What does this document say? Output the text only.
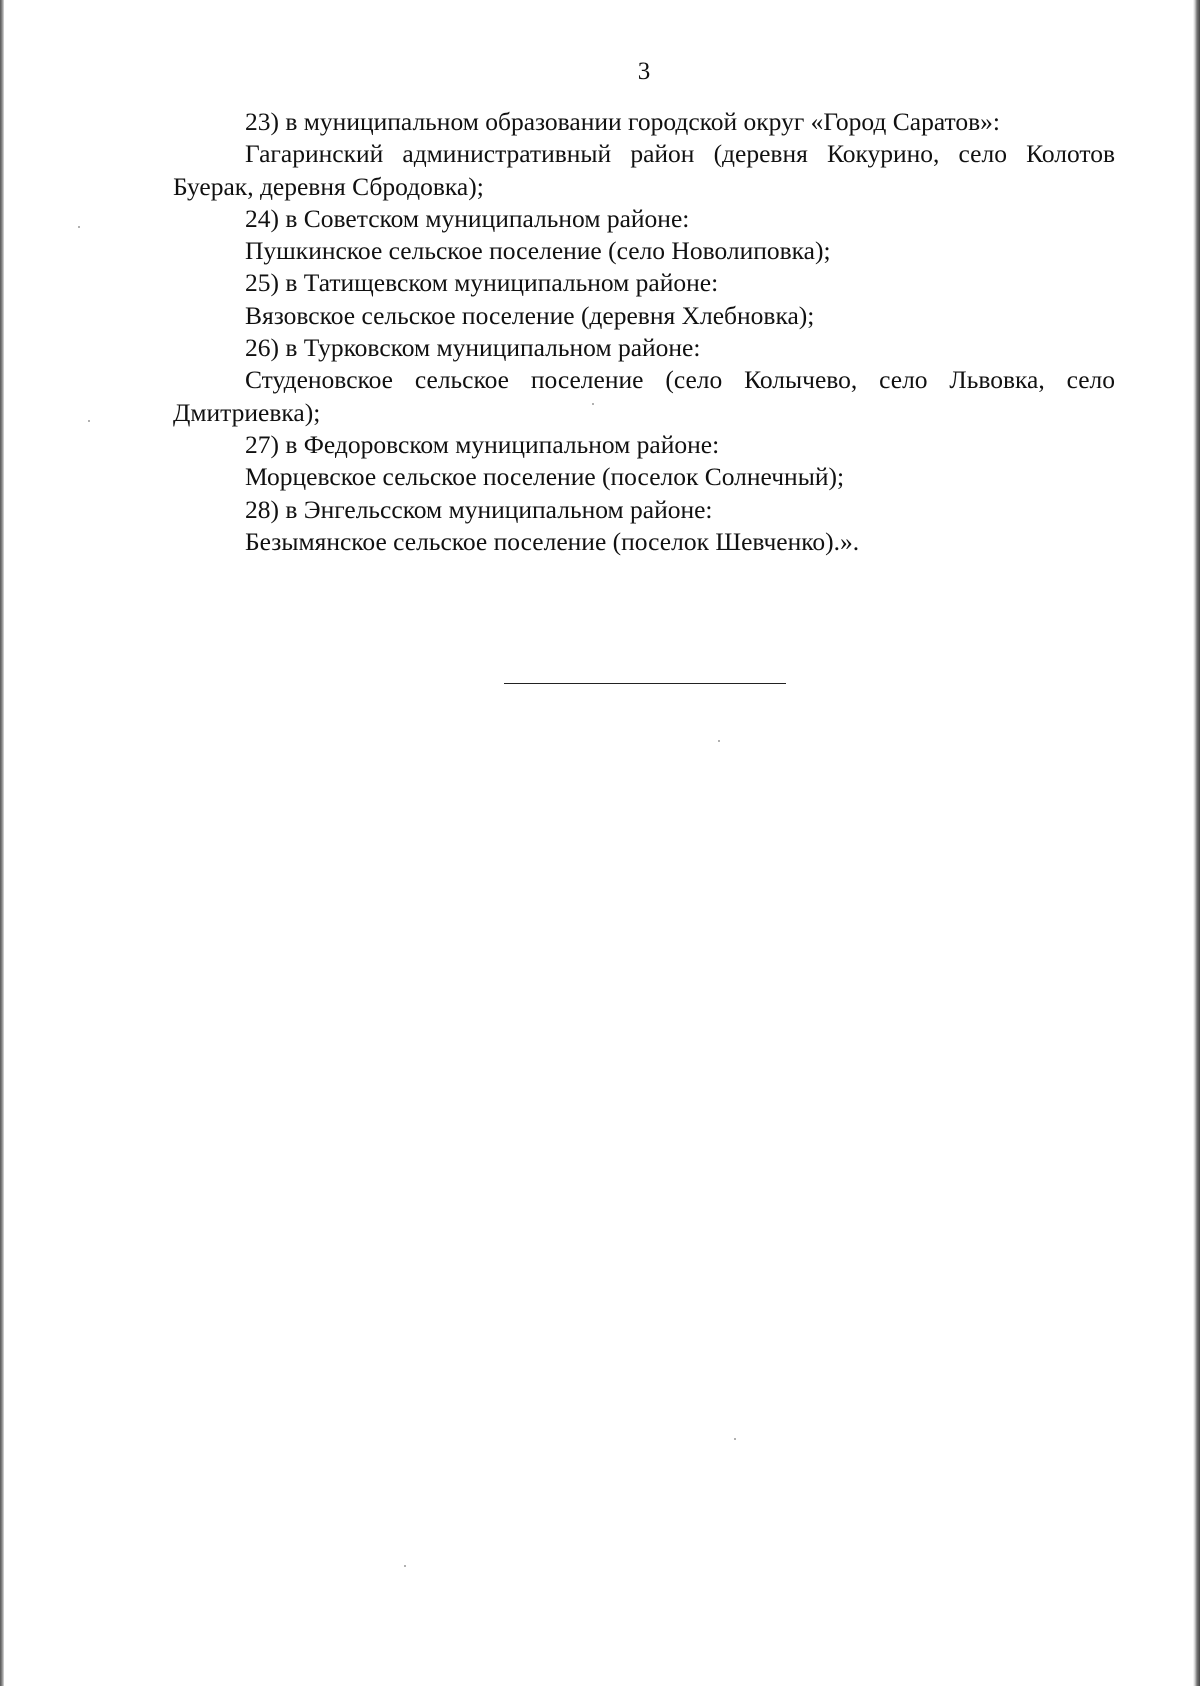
3

23) в муниципальном образовании городской округ «Город Саратов»:

Гагаринский административный район (деревня Кокурино, село Колотов Буерак, деревня Сбродовка);

24) в Советском муниципальном районе:

Пушкинское сельское поселение (село Новолиповка);

25) в Татищевском муниципальном районе:

Вязовское сельское поселение (деревня Хлебновка);

26) в Турковском муниципальном районе:

Студеновское сельское поселение (село Колычево, село Львовка, село Дмитриевка);

27) в Федоровском муниципальном районе:

Морцевское сельское поселение (поселок Солнечный);

28) в Энгельсском муниципальном районе:

Безымянское сельское поселение (поселок Шевченко).».
